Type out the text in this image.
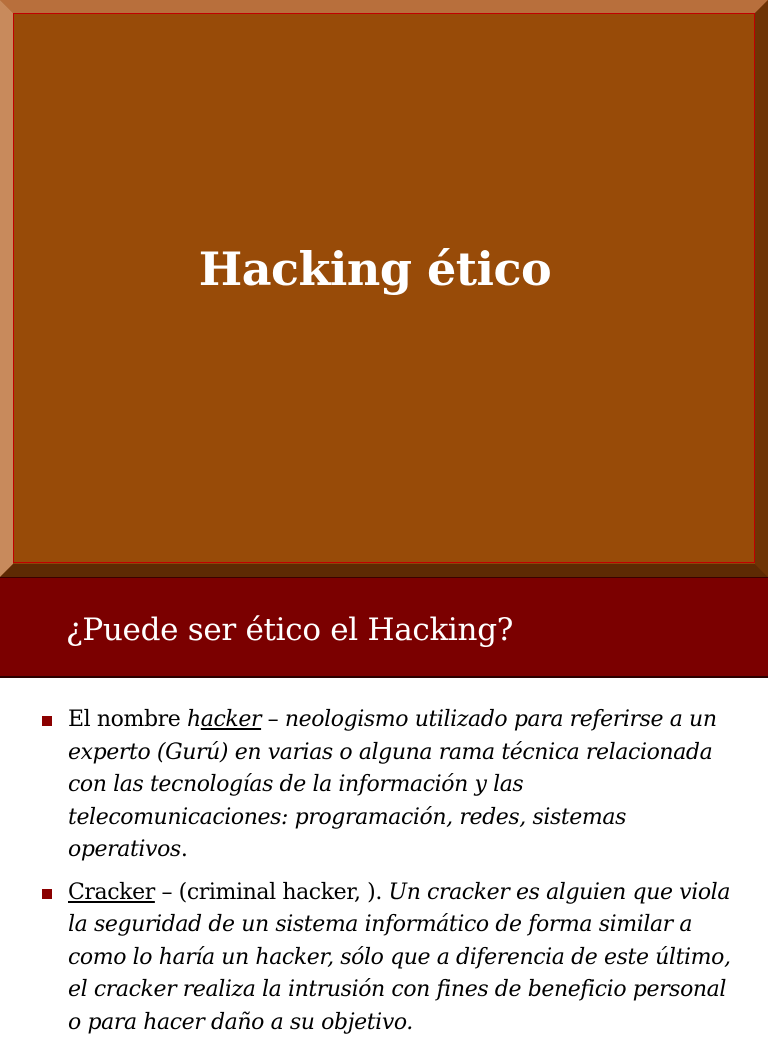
Hacking ético
¿Puede ser ético el Hacking?
El nombre hacker – neologismo utilizado para referirse a un experto (Gurú) en varias o alguna rama técnica relacionada con las tecnologías de la información y las telecomunicaciones: programación, redes, sistemas operativos.
Cracker – (criminal hacker, ). Un cracker es alguien que viola la seguridad de un sistema informático de forma similar a como lo haría un hacker, sólo que a diferencia de este último, el cracker realiza la intrusión con fines de beneficio personal o para hacer daño a su objetivo.
